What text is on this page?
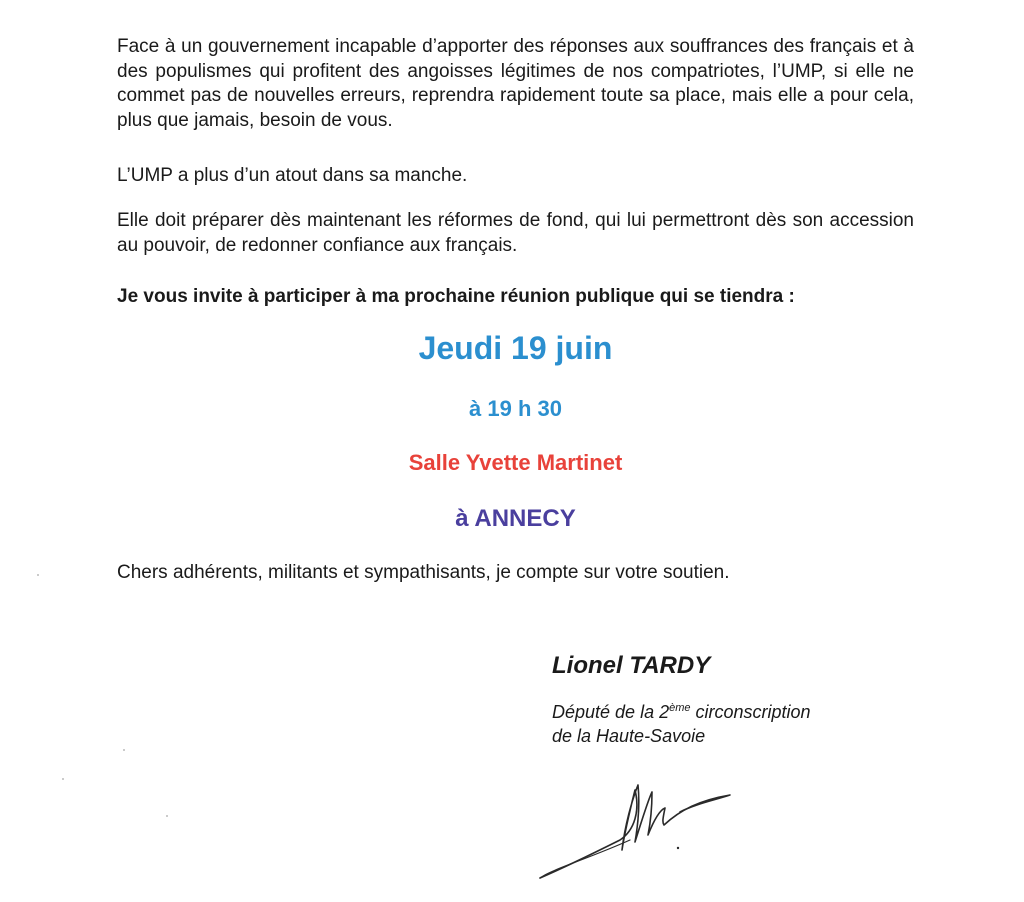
Face à un gouvernement incapable d’apporter des réponses aux souffrances des français et à des populismes qui profitent des angoisses légitimes de nos compatriotes, l’UMP, si elle ne commet pas de nouvelles erreurs, reprendra rapidement toute sa place, mais elle a pour cela, plus que jamais, besoin de vous.

L’UMP a plus d’un atout dans sa manche.

Elle doit préparer dès maintenant les réformes de fond, qui lui permettront dès son accession au pouvoir, de redonner confiance aux français.

Je vous invite à participer à ma prochaine réunion publique qui se tiendra :

Jeudi 19 juin

à 19 h 30

Salle Yvette Martinet

à ANNECY

Chers adhérents, militants et sympathisants, je compte sur votre soutien.

Lionel TARDY

Député de la 2ème circonscription
de la Haute-Savoie
